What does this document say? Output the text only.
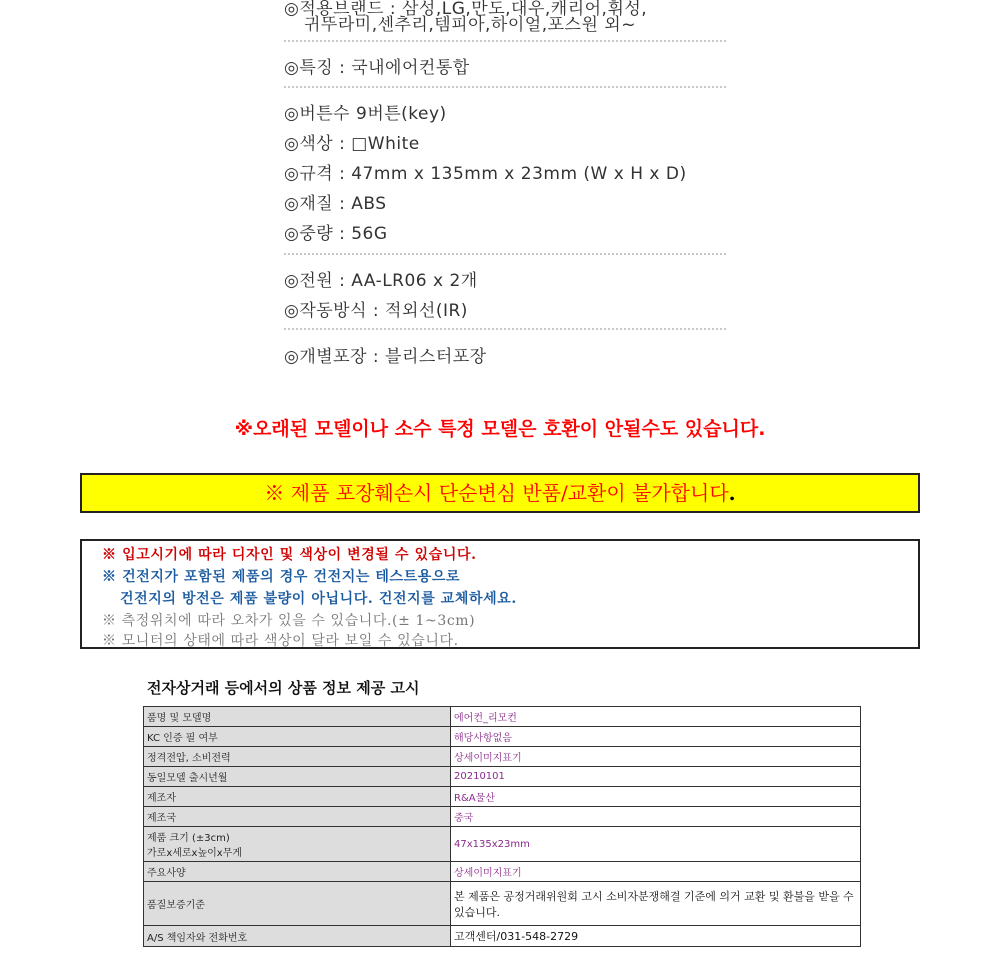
◎적용브랜드 : 삼성,LG,만도,대우,캐리어,휘성,
귀뚜라미,센추리,템피아,하이얼,포스원 외~
◎특징 : 국내에어컨통합
◎버튼수 9버튼(key)
◎색상 : □White
◎규격 : 47mm x 135mm x 23mm (W x H x D)
◎재질 : ABS
◎중량 : 56G
◎전원 : AA-LR06 x 2개
◎작동방식 : 적외선(IR)
◎개별포장 : 블리스터포장
※오래된 모델이나 소수 특정 모델은 호환이 안될수도 있습니다.
※ 제품 포장훼손시 단순변심 반품/교환이 불가합니다.
※ 입고시기에 따라 디자인 및 색상이 변경될 수 있습니다.
※ 건전지가 포함된 제품의 경우 건전지는 테스트용으로
건전지의 방전은 제품 불량이 아닙니다. 건전지를 교체하세요.
※ 측정위치에 따라 오차가 있을 수 있습니다.(± 1~3cm)
※ 모니터의 상태에 따라 색상이 달라 보일 수 있습니다.
전자상거래 등에서의 상품 정보 제공 고시
품명 및 모델명	에어컨_리모컨
KC 인증 필 여부	해당사항없음
정격전압, 소비전력	상세이미지표기
동일모델 출시년월	20210101
제조자	R&A물산
제조국	중국

제품 크기 (±3cm)
가로x세로x높이x무게	47x135x23mm
주요사양	상세이미지표기
품질보증기준	본 제품은 공정거래위원회 고시 소비자분쟁해결 기준에 의거 교환 및 환불을 받을 수 있습니다.
A/S 책임자와 전화번호	고객센터/031-548-2729
